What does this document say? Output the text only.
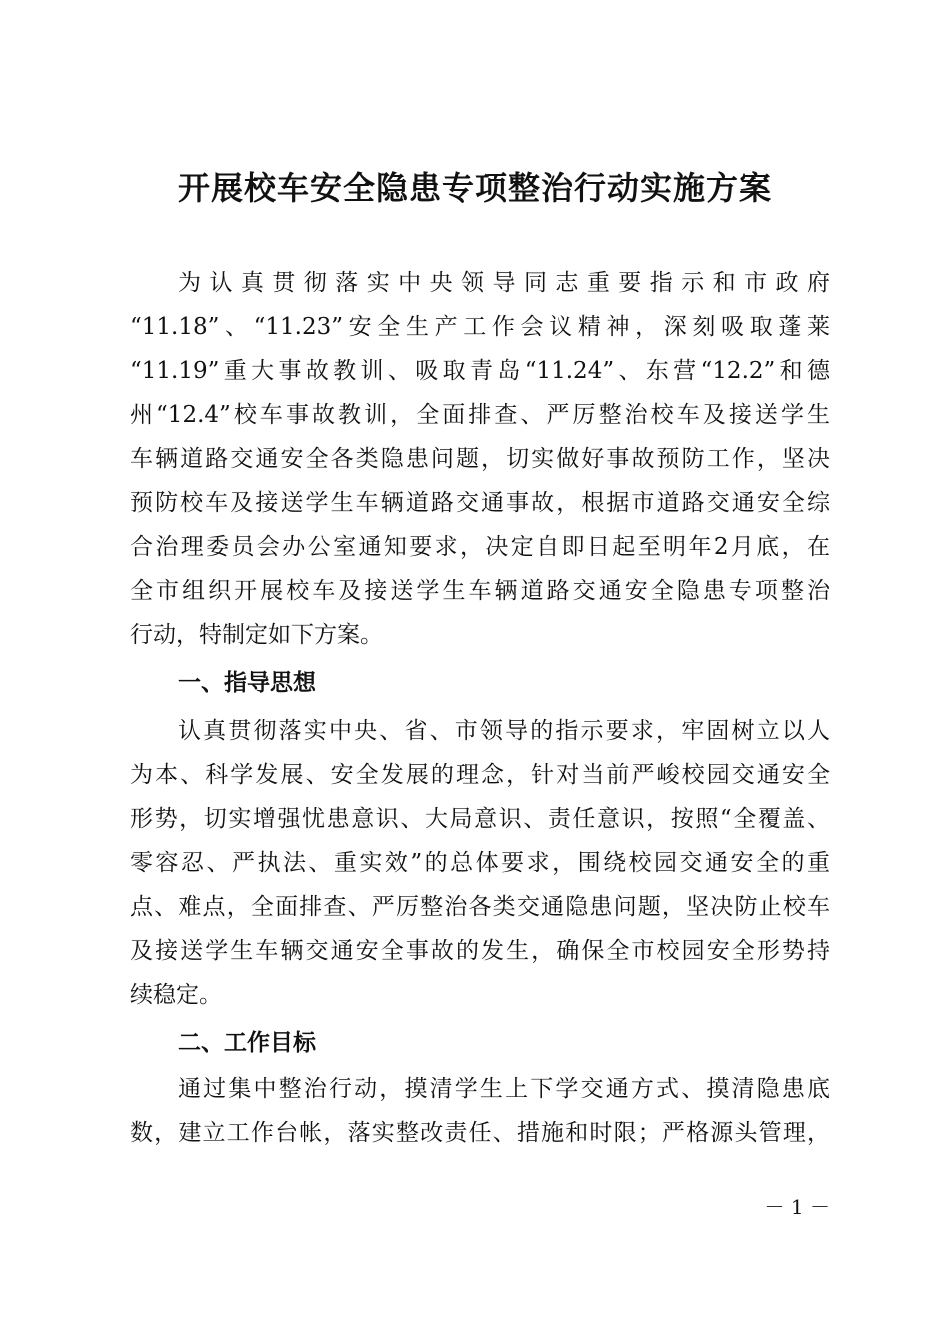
开展校车安全隐患专项整治行动实施方案
为认真贯彻落实中央领导同志重要指示和市政府
“11.18”、“11.23”安全生产工作会议精神，深刻吸取蓬莱
“11.19”重大事故教训、吸取青岛“11.24”、东营“12.2”和德
州“12.4”校车事故教训，全面排查、严厉整治校车及接送学生
车辆道路交通安全各类隐患问题，切实做好事故预防工作，坚决
预防校车及接送学生车辆道路交通事故，根据市道路交通安全综
合治理委员会办公室通知要求，决定自即日起至明年2月底，在
全市组织开展校车及接送学生车辆道路交通安全隐患专项整治
行动，特制定如下方案。
一、指导思想
认真贯彻落实中央、省、市领导的指示要求，牢固树立以人
为本、科学发展、安全发展的理念，针对当前严峻校园交通安全
形势，切实增强忧患意识、大局意识、责任意识，按照“全覆盖、
零容忍、严执法、重实效”的总体要求，围绕校园交通安全的重
点、难点，全面排查、严厉整治各类交通隐患问题，坚决防止校车
及接送学生车辆交通安全事故的发生，确保全市校园安全形势持
续稳定。
二、工作目标
通过集中整治行动，摸清学生上下学交通方式、摸清隐患底
数，建立工作台帐，落实整改责任、措施和时限；严格源头管理，
－ 1 －
